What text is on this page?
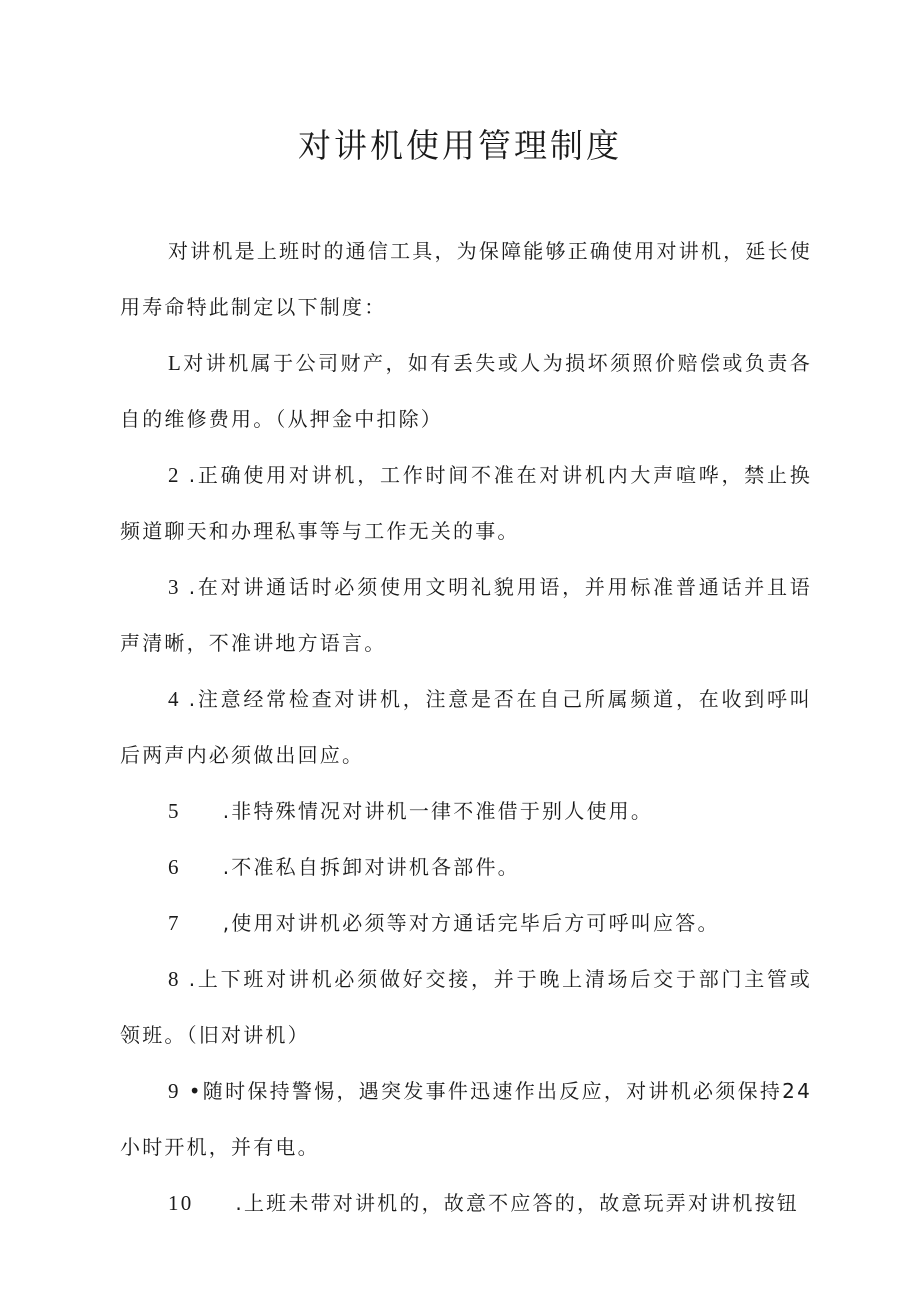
对讲机使用管理制度

对讲机是上班时的通信工具，为保障能够正确使用对讲机，延长使用寿命特此制定以下制度：

L对讲机属于公司财产，如有丢失或人为损坏须照价赔偿或负责各自的维修费用。（从押金中扣除）

2 .正确使用对讲机，工作时间不准在对讲机内大声喧哗，禁止换频道聊天和办理私事等与工作无关的事。

3 .在对讲通话时必须使用文明礼貌用语，并用标准普通话并且语声清晰，不准讲地方语言。

4 .注意经常检查对讲机，注意是否在自己所属频道，在收到呼叫后两声内必须做出回应。

5 .非特殊情况对讲机一律不准借于别人使用。

6 .不准私自拆卸对讲机各部件。

7 ,使用对讲机必须等对方通话完毕后方可呼叫应答。

8 .上下班对讲机必须做好交接，并于晚上清场后交于部门主管或领班。（旧对讲机）

9 •随时保持警惕，遇突发事件迅速作出反应，对讲机必须保持24小时开机，并有电。

10 .上班未带对讲机的，故意不应答的，故意玩弄对讲机按钮
